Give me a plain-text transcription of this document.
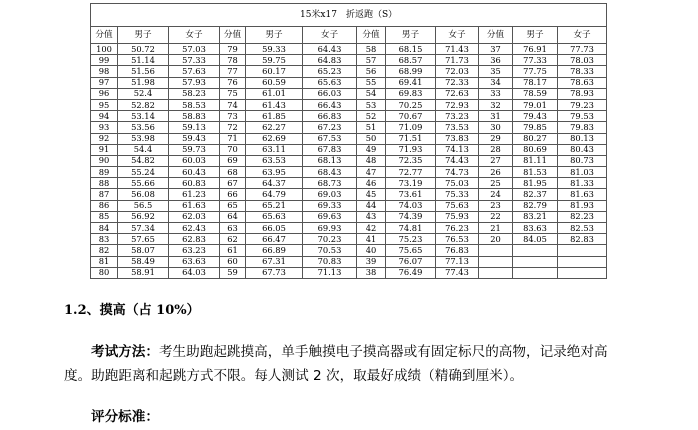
15米x17　折返跑（S）											
分值	男子	女子	分值	男子	女子	分值	男子	女子	分值	男子	女子
100	50.72	57.03	79	59.33	64.43	58	68.15	71.43	37	76.91	77.73
99	51.14	57.33	78	59.75	64.83	57	68.57	71.73	36	77.33	78.03
98	51.56	57.63	77	60.17	65.23	56	68.99	72.03	35	77.75	78.33
97	51.98	57.93	76	60.59	65.63	55	69.41	72.33	34	78.17	78.63
96	52.4	58.23	75	61.01	66.03	54	69.83	72.63	33	78.59	78.93
95	52.82	58.53	74	61.43	66.43	53	70.25	72.93	32	79.01	79.23
94	53.14	58.83	73	61.85	66.83	52	70.67	73.23	31	79.43	79.53
93	53.56	59.13	72	62.27	67.23	51	71.09	73.53	30	79.85	79.83
92	53.98	59.43	71	62.69	67.53	50	71.51	73.83	29	80.27	80.13
91	54.4	59.73	70	63.11	67.83	49	71.93	74.13	28	80.69	80.43
90	54.82	60.03	69	63.53	68.13	48	72.35	74.43	27	81.11	80.73
89	55.24	60.43	68	63.95	68.43	47	72.77	74.73	26	81.53	81.03
88	55.66	60.83	67	64.37	68.73	46	73.19	75.03	25	81.95	81.33
87	56.08	61.23	66	64.79	69.03	45	73.61	75.33	24	82.37	81.63
86	56.5	61.63	65	65.21	69.33	44	74.03	75.63	23	82.79	81.93
85	56.92	62.03	64	65.63	69.63	43	74.39	75.93	22	83.21	82.23
84	57.34	62.43	63	66.05	69.93	42	74.81	76.23	21	83.63	82.53
83	57.65	62.83	62	66.47	70.23	41	75.23	76.53	20	84.05	82.83
82	58.07	63.23	61	66.89	70.53	40	75.65	76.83			
81	58.49	63.63	60	67.31	70.83	39	76.07	77.13			
80	58.91	64.03	59	67.73	71.13	38	76.49	77.43			
1.2、摸高（占 10%）
考试方法：考生助跑起跳摸高，单手触摸电子摸高器或有固定标尺的高物，记录绝对高
度。助跑距离和起跳方式不限。每人测试 2 次，取最好成绩（精确到厘米）。
评分标准：
